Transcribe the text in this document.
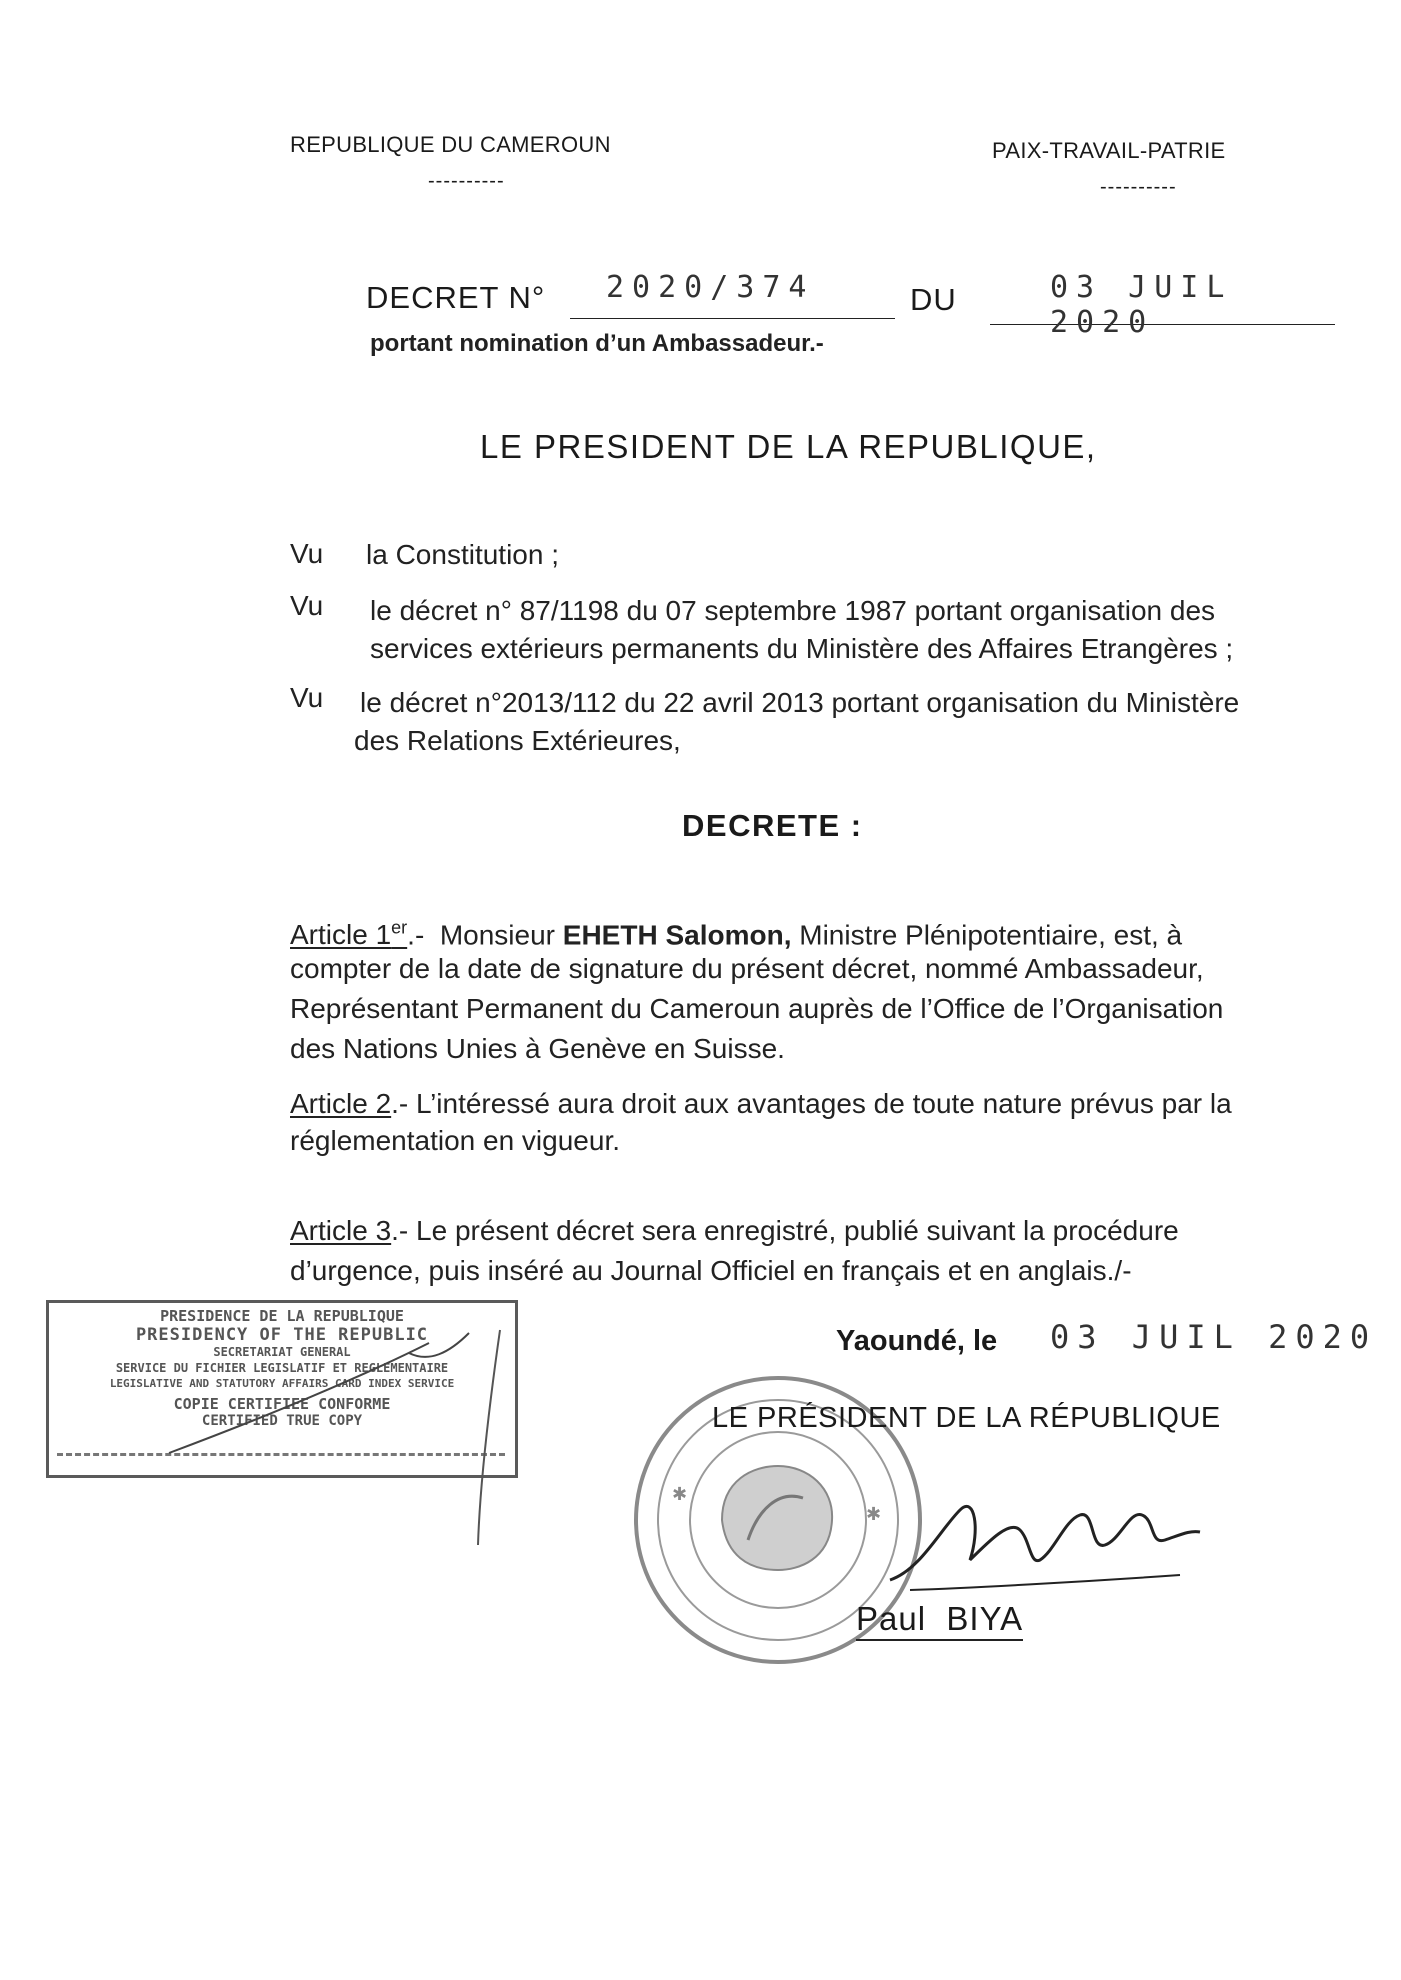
REPUBLIQUE DU CAMEROUN
----------
PAIX-TRAVAIL-PATRIE
----------
DECRET N° 2020/374	DU	03 JUIL 2020
portant nomination d’un Ambassadeur.-
LE PRESIDENT DE LA REPUBLIQUE,
Vu la Constitution ;
Vu le décret n° 87/1198 du 07 septembre 1987 portant organisation des
services extérieurs permanents du Ministère des Affaires Etrangères ;
Vu le décret n°2013/112 du 22 avril 2013 portant organisation du Ministère
des Relations Extérieures,
DECRETE :
Article 1er.-  Monsieur EHETH Salomon, Ministre Plénipotentiaire, est, à
compter de la date de signature du présent décret, nommé Ambassadeur,
Représentant Permanent du Cameroun auprès de l’Office de l’Organisation
des Nations Unies à Genève en Suisse.
Article 2.- L’intéressé aura droit aux avantages de toute nature prévus par la
réglementation en vigueur.
Article 3.- Le présent décret sera enregistré, publié suivant la procédure
d’urgence, puis inséré au Journal Officiel en français et en anglais./-
PRESIDENCE DE LA REPUBLIQUE
PRESIDENCY OF THE REPUBLIC
SECRETARIAT GENERAL
SERVICE DU FICHIER LEGISLATIF ET REGLEMENTAIRE
LEGISLATIVE AND STATUTORY AFFAIRS CARD INDEX SERVICE
COPIE CERTIFIEE CONFORME
CERTIFIED TRUE COPY
Yaoundé, le 03 JUIL 2020
✱
✱
LE PRÉSIDENT DE LA RÉPUBLIQUE
Paul  BIYA
